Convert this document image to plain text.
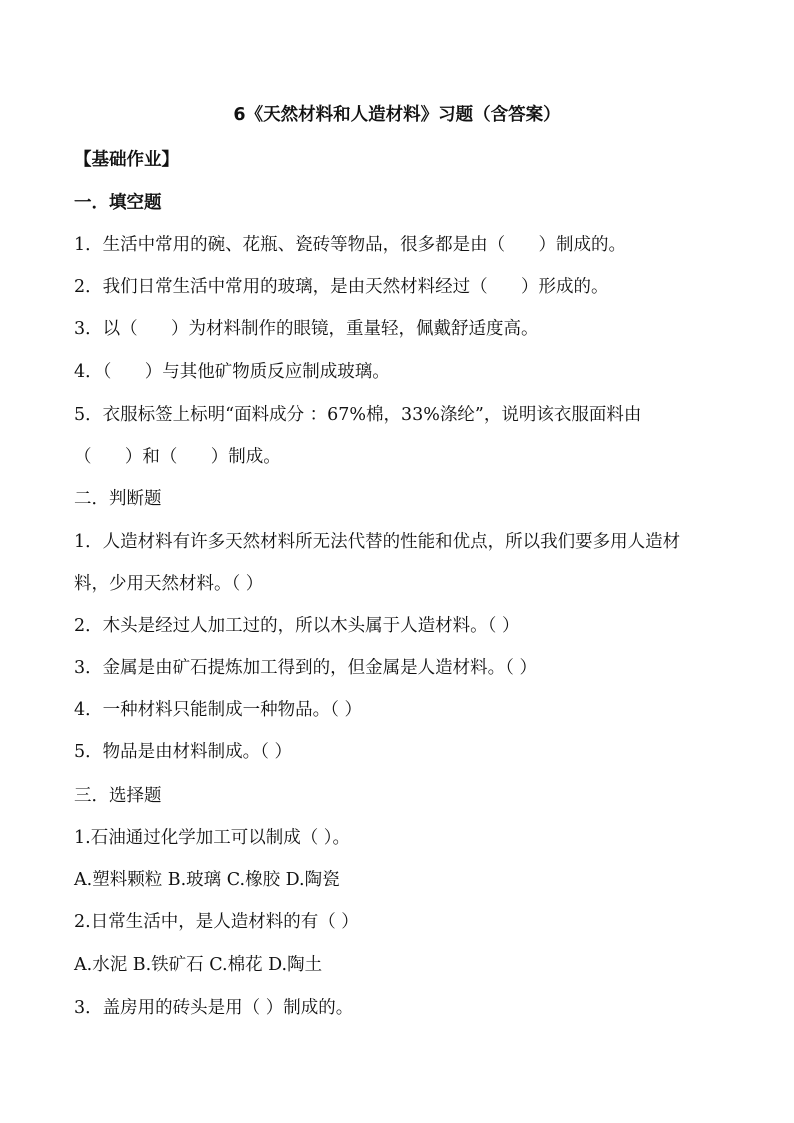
6《天然材料和人造材料》习题（含答案）
【基础作业】
一．填空题
1．生活中常用的碗、花瓶、瓷砖等物品，很多都是由（      ）制成的。
2．我们日常生活中常用的玻璃，是由天然材料经过（      ）形成的。
3．以（      ）为材料制作的眼镜，重量轻，佩戴舒适度高。
4．（      ）与其他矿物质反应制成玻璃。
5．衣服标签上标明“面料成分 ：67%棉，33%涤纶”，说明该衣服面料由
（      ）和（      ）制成。
二．判断题
1．人造材料有许多天然材料所无法代替的性能和优点，所以我们要多用人造材
料，少用天然材料。（ ）
2．木头是经过人加工过的，所以木头属于人造材料。（ ）
3．金属是由矿石提炼加工得到的，但金属是人造材料。（ ）
4．一种材料只能制成一种物品。（ ）
5．物品是由材料制成。（ ）
三．选择题
1.石油通过化学加工可以制成（ ）。
A.塑料颗粒 B.玻璃 C.橡胶 D.陶瓷
2.日常生活中，是人造材料的有（ ）
A.水泥 B.铁矿石 C.棉花 D.陶土
3．盖房用的砖头是用（ ）制成的。
